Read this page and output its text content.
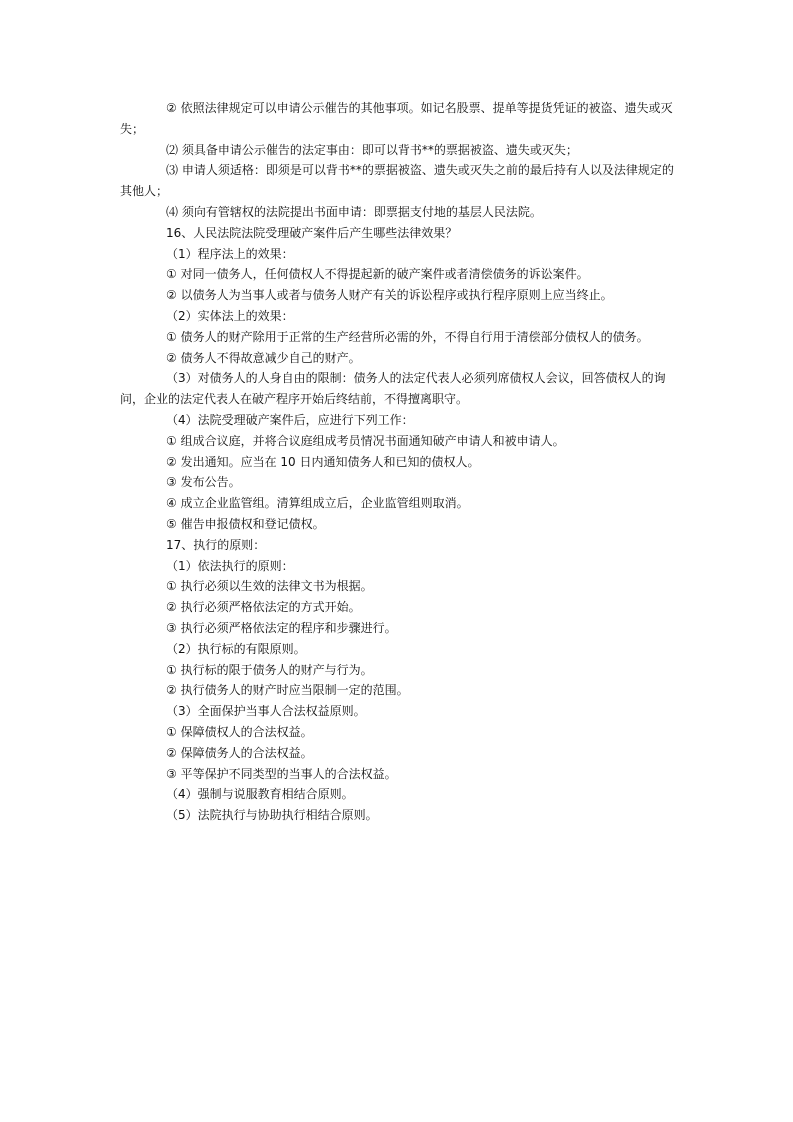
② 依照法律规定可以申请公示催告的其他事项。如记名股票、提单等提货凭证的被盗、遗失或灭失；

⑵ 须具备申请公示催告的法定事由：即可以背书**的票据被盗、遗失或灭失；

⑶ 申请人须适格：即须是可以背书**的票据被盗、遗失或灭失之前的最后持有人以及法律规定的其他人；

⑷ 须向有管辖权的法院提出书面申请：即票据支付地的基层人民法院。

16、人民法院法院受理破产案件后产生哪些法律效果？

（1）程序法上的效果：

① 对同一债务人，任何债权人不得提起新的破产案件或者清偿债务的诉讼案件。

② 以债务人为当事人或者与债务人财产有关的诉讼程序或执行程序原则上应当终止。

（2）实体法上的效果：

① 债务人的财产除用于正常的生产经营所必需的外，不得自行用于清偿部分债权人的债务。

② 债务人不得故意减少自己的财产。

（3）对债务人的人身自由的限制：债务人的法定代表人必须列席债权人会议，回答债权人的询问，企业的法定代表人在破产程序开始后终结前，不得擅离职守。

（4）法院受理破产案件后，应进行下列工作：

① 组成合议庭，并将合议庭组成考员情况书面通知破产申请人和被申请人。

② 发出通知。应当在 10 日内通知债务人和已知的债权人。

③ 发布公告。

④ 成立企业监管组。清算组成立后，企业监管组则取消。

⑤ 催告申报债权和登记债权。

17、执行的原则：

（1）依法执行的原则：

① 执行必须以生效的法律文书为根据。

② 执行必须严格依法定的方式开始。

③ 执行必须严格依法定的程序和步骤进行。

（2）执行标的有限原则。

① 执行标的限于债务人的财产与行为。

② 执行债务人的财产时应当限制一定的范围。

（3）全面保护当事人合法权益原则。

① 保障债权人的合法权益。

② 保障债务人的合法权益。

③ 平等保护不同类型的当事人的合法权益。

（4）强制与说服教育相结合原则。

（5）法院执行与协助执行相结合原则。
